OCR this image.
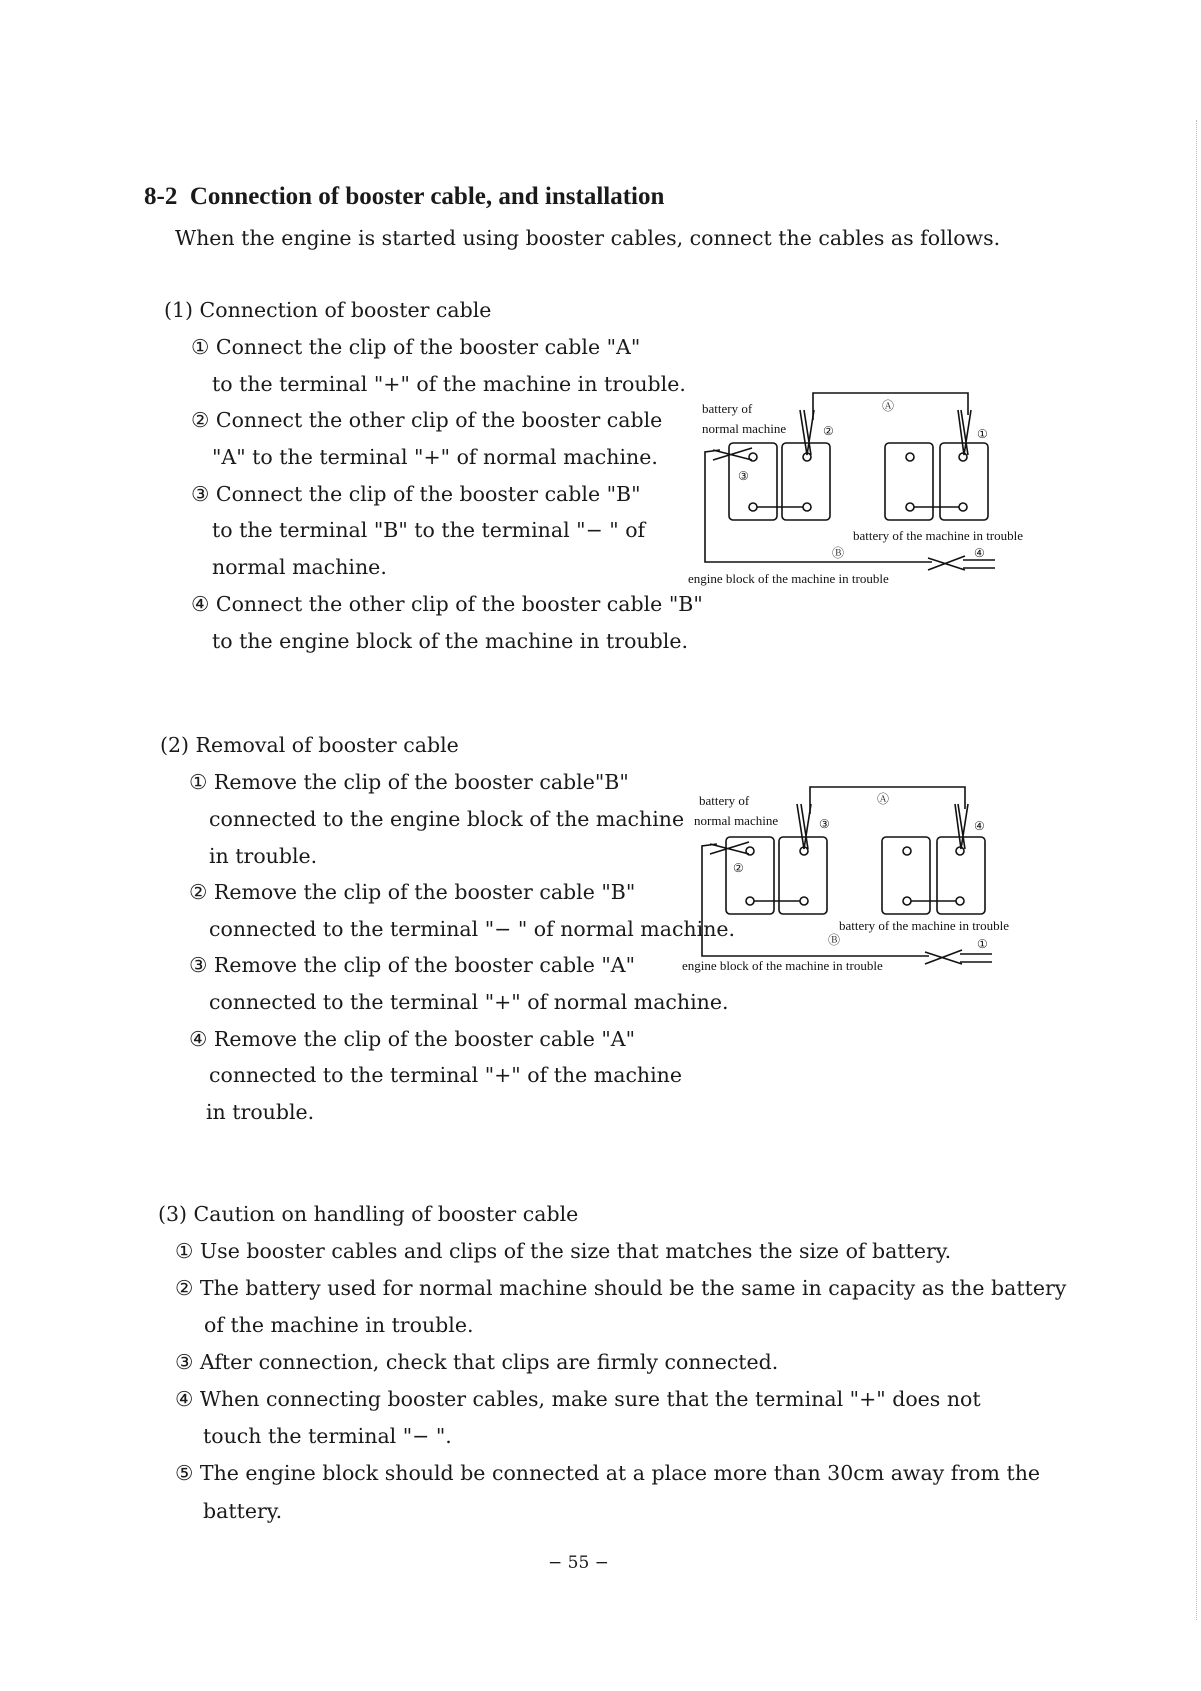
8-2 Connection of booster cable, and installation
When the engine is started using booster cables, connect the cables as follows.
(1) Connection of booster cable
① Connect the clip of the booster cable "A"
to the terminal "+" of the machine in trouble.
② Connect the other clip of the booster cable
"A" to the terminal "+" of normal machine.
③ Connect the clip of the booster cable "B"
to the terminal "B" to the terminal "− " of
normal machine.
④ Connect the other clip of the booster cable "B"
to the engine block of the machine in trouble.
battery of
normal machine
Ⓐ
②	①
③
battery of the machine in trouble
Ⓑ	④
engine block of the machine in trouble
(2) Removal of booster cable
① Remove the clip of the booster cable"B"
connected to the engine block of the machine
in trouble.
② Remove the clip of the booster cable "B"
connected to the terminal "− " of normal machine.
③ Remove the clip of the booster cable "A"
connected to the terminal "+" of normal machine.
④ Remove the clip of the booster cable "A"
connected to the terminal "+" of the machine
in trouble.
battery of
normal machine
Ⓐ
③	④
②
battery of the machine in trouble
Ⓑ	①
engine block of the machine in trouble
(3) Caution on handling of booster cable
① Use booster cables and clips of the size that matches the size of battery.
② The battery used for normal machine should be the same in capacity as the battery
of the machine in trouble.
③ After connection, check that clips are firmly connected.
④ When connecting booster cables, make sure that the terminal "+" does not
touch the terminal "− ".
⑤ The engine block should be connected at a place more than 30cm away from the
battery.
− 55 −
